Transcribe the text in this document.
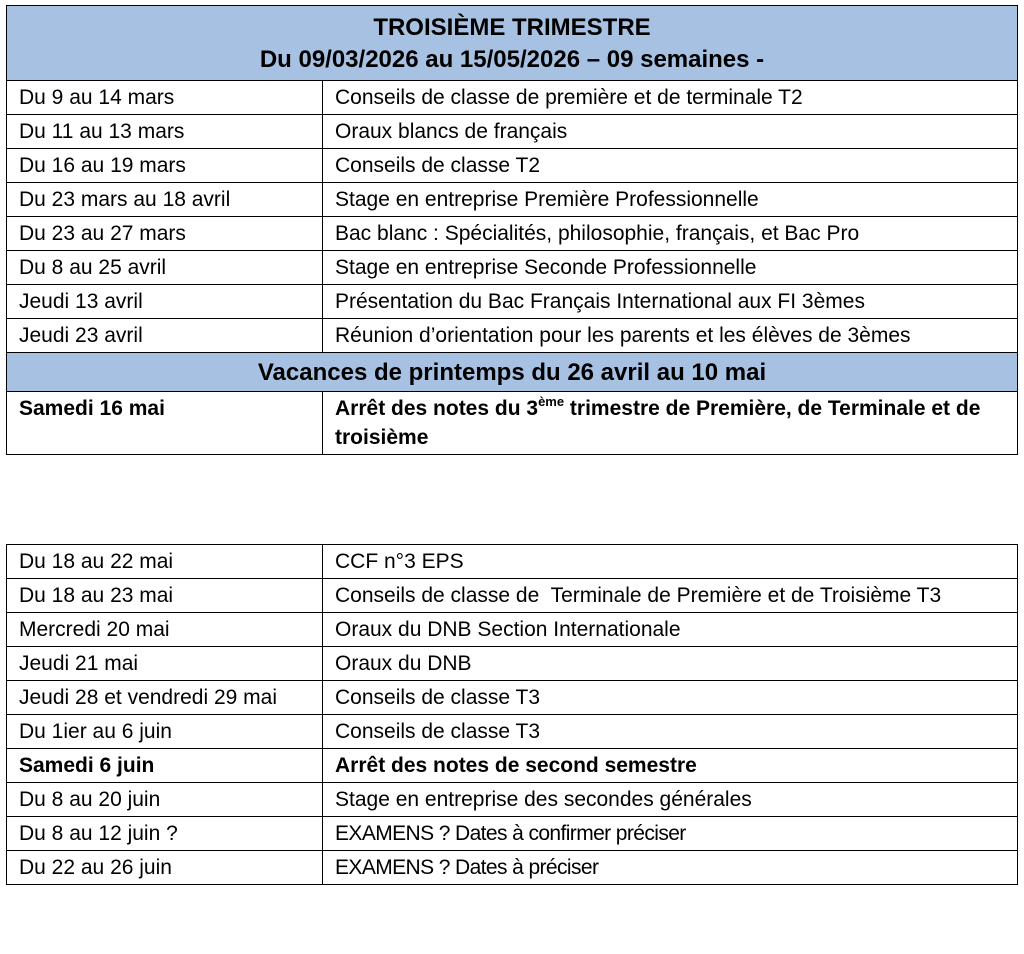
TROISIÈME TRIMESTRE
Du 09/03/2026 au 15/05/2026 – 09 semaines -	

Du 9 au 14 mars	Conseils de classe de première et de terminale T2
Du 11 au 13 mars	Oraux blancs de français
Du 16 au 19 mars	Conseils de classe T2
Du 23 mars au 18 avril	Stage en entreprise Première Professionnelle
Du 23 au 27 mars	Bac blanc : Spécialités, philosophie, français, et Bac Pro
Du 8 au 25 avril	Stage en entreprise Seconde Professionnelle
Jeudi 13 avril	Présentation du Bac Français International aux FI 3èmes
Jeudi 23 avril	Réunion d’orientation pour les parents et les élèves de 3èmes
Vacances de printemps du 26 avril au 10 mai	
Samedi 16 mai	Arrêt des notes du 3ème trimestre de Première, de Terminale et de troisième
Du 18 au 22 mai	CCF n°3 EPS
Du 18 au 23 mai	Conseils de classe de  Terminale de Première et de Troisième T3
Mercredi 20 mai	Oraux du DNB Section Internationale
Jeudi 21 mai	Oraux du DNB
Jeudi 28 et vendredi 29 mai	Conseils de classe T3
Du 1ier au 6 juin	Conseils de classe T3
Samedi 6 juin	Arrêt des notes de second semestre
Du 8 au 20 juin	Stage en entreprise des secondes générales
Du 8 au 12 juin ?	EXAMENS ? Dates à confirmer préciser
Du 22 au 26 juin	EXAMENS ? Dates à préciser
